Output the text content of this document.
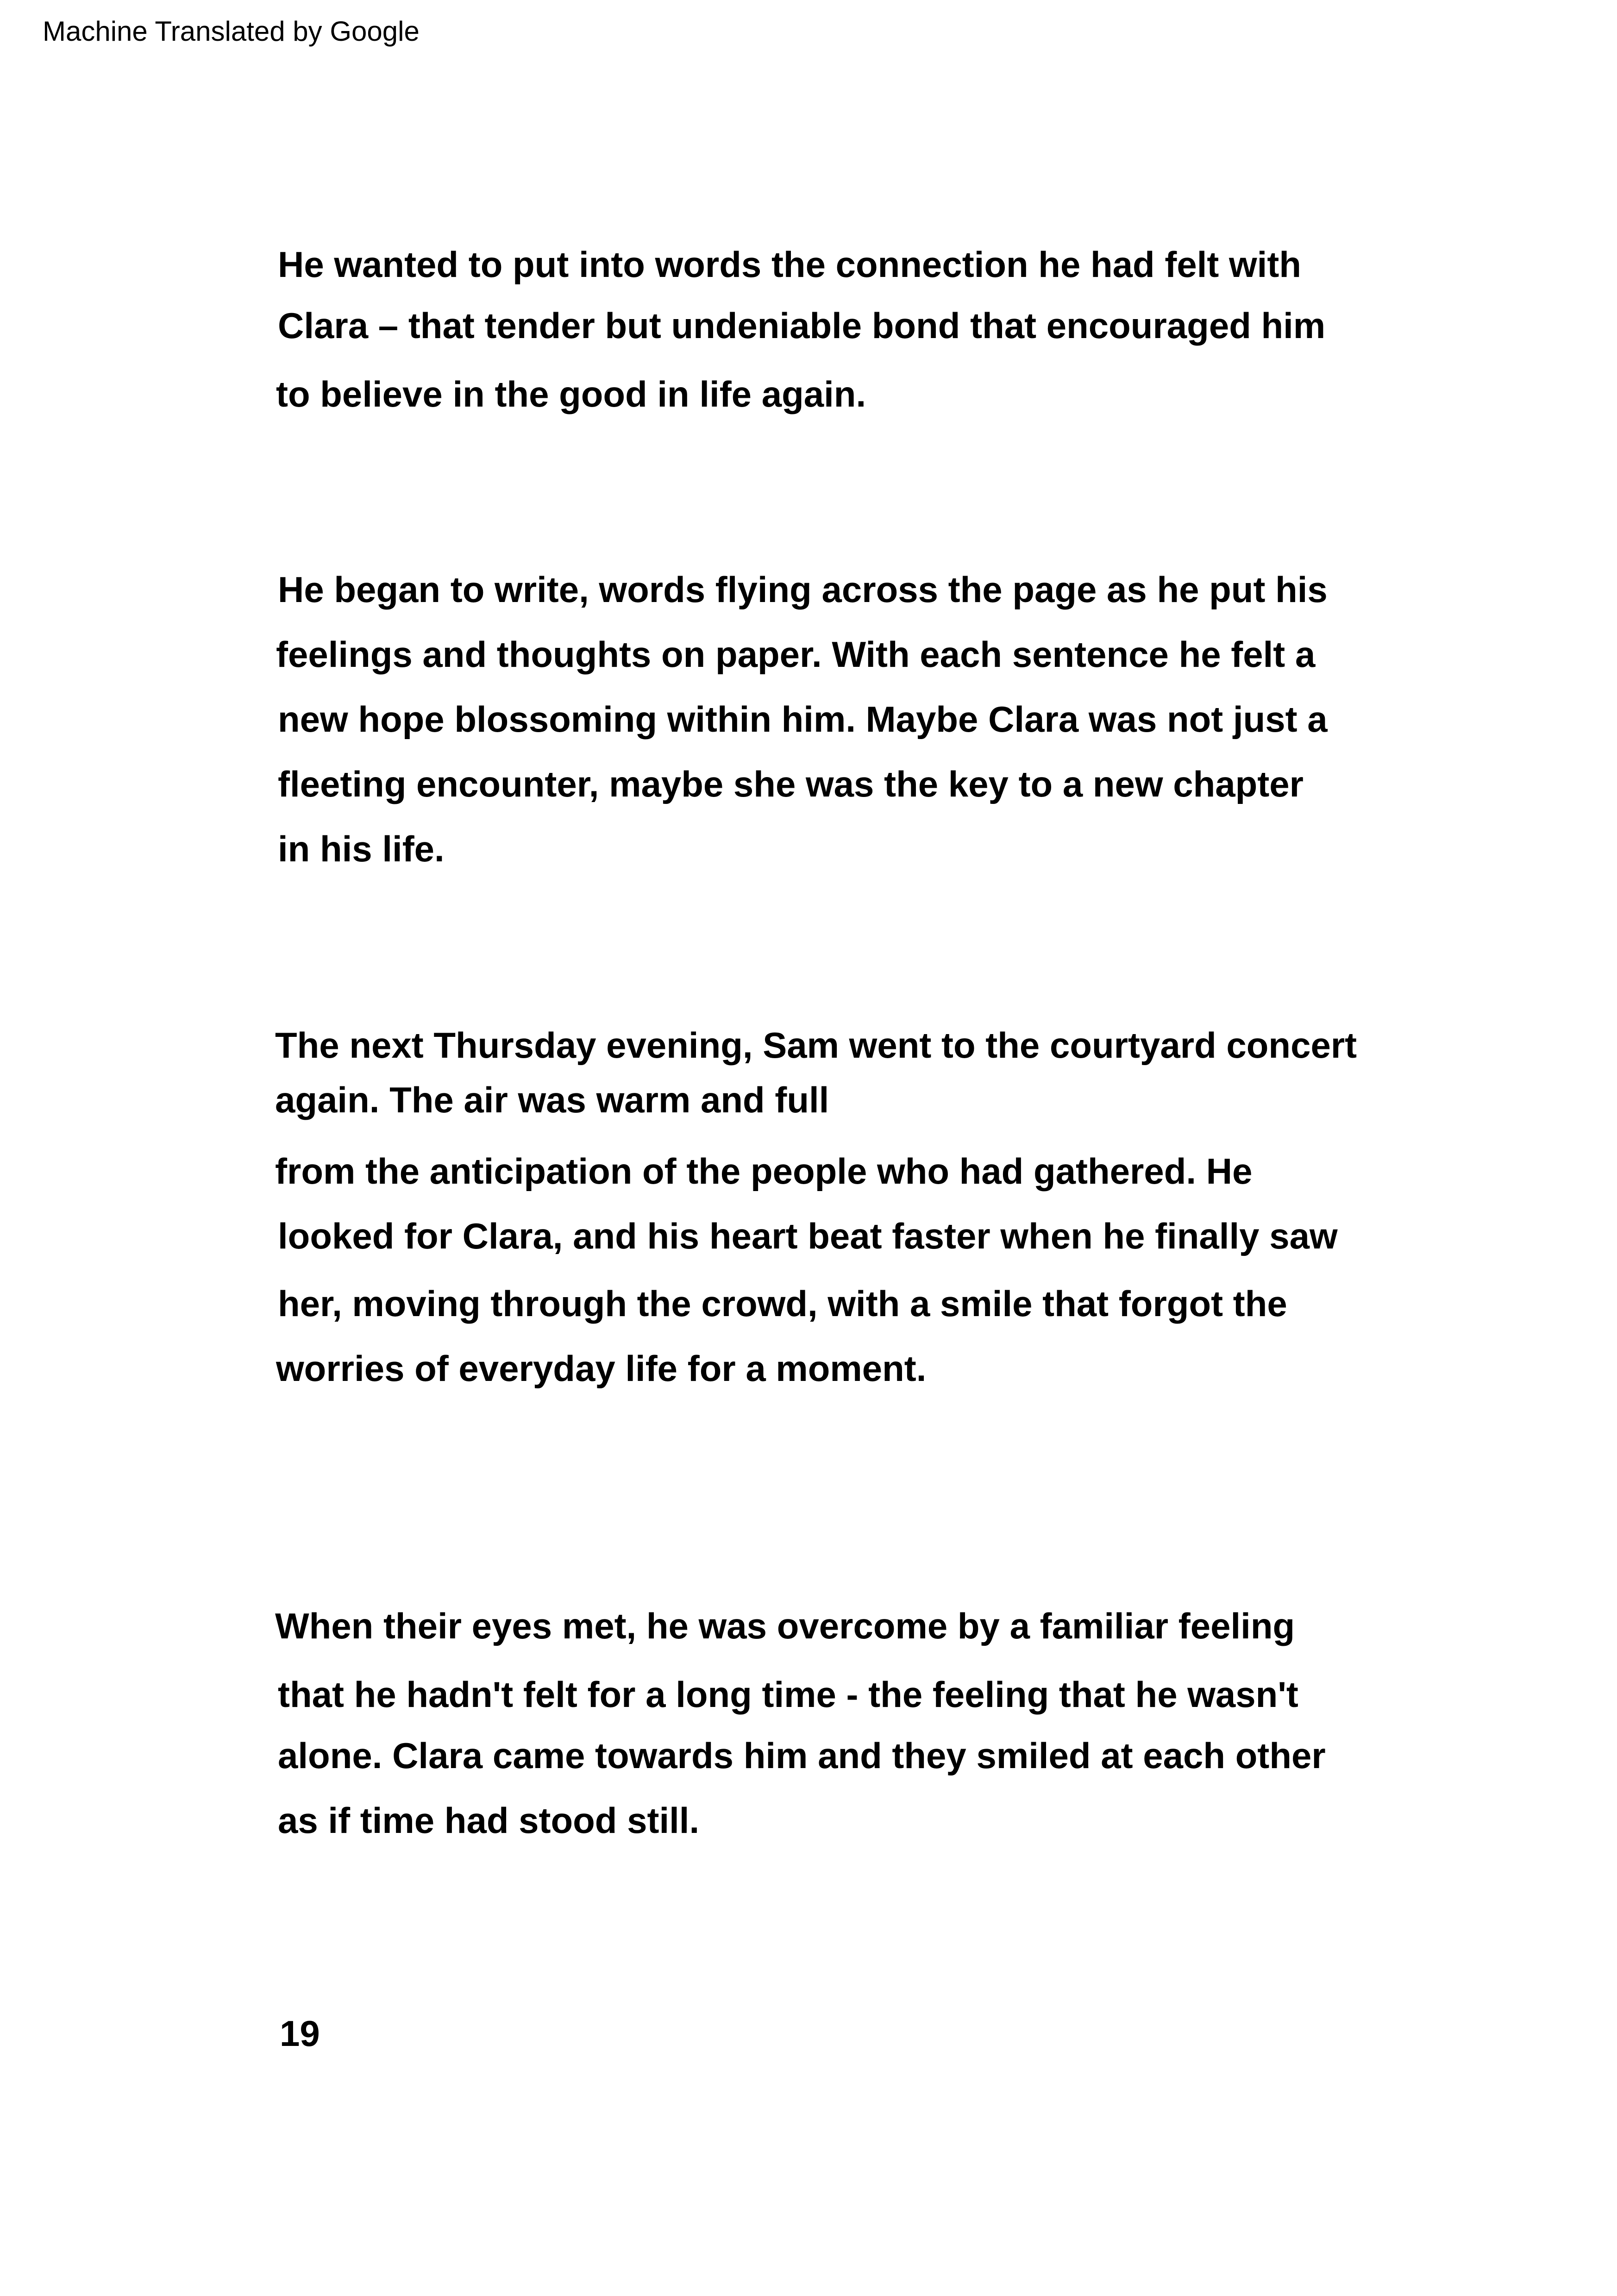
Machine Translated by Google
He wanted to put into words the connection he had felt with
Clara – that tender but undeniable bond that encouraged him
to believe in the good in life again.
He began to write, words flying across the page as he put his
feelings and thoughts on paper. With each sentence he felt a
new hope blossoming within him. Maybe Clara was not just a
fleeting encounter, maybe she was the key to a new chapter
in his life.
The next Thursday evening, Sam went to the courtyard concert
again. The air was warm and full
from the anticipation of the people who had gathered. He
looked for Clara, and his heart beat faster when he finally saw
her, moving through the crowd, with a smile that forgot the
worries of everyday life for a moment.
When their eyes met, he was overcome by a familiar feeling
that he hadn't felt for a long time - the feeling that he wasn't
alone. Clara came towards him and they smiled at each other
as if time had stood still.
19
